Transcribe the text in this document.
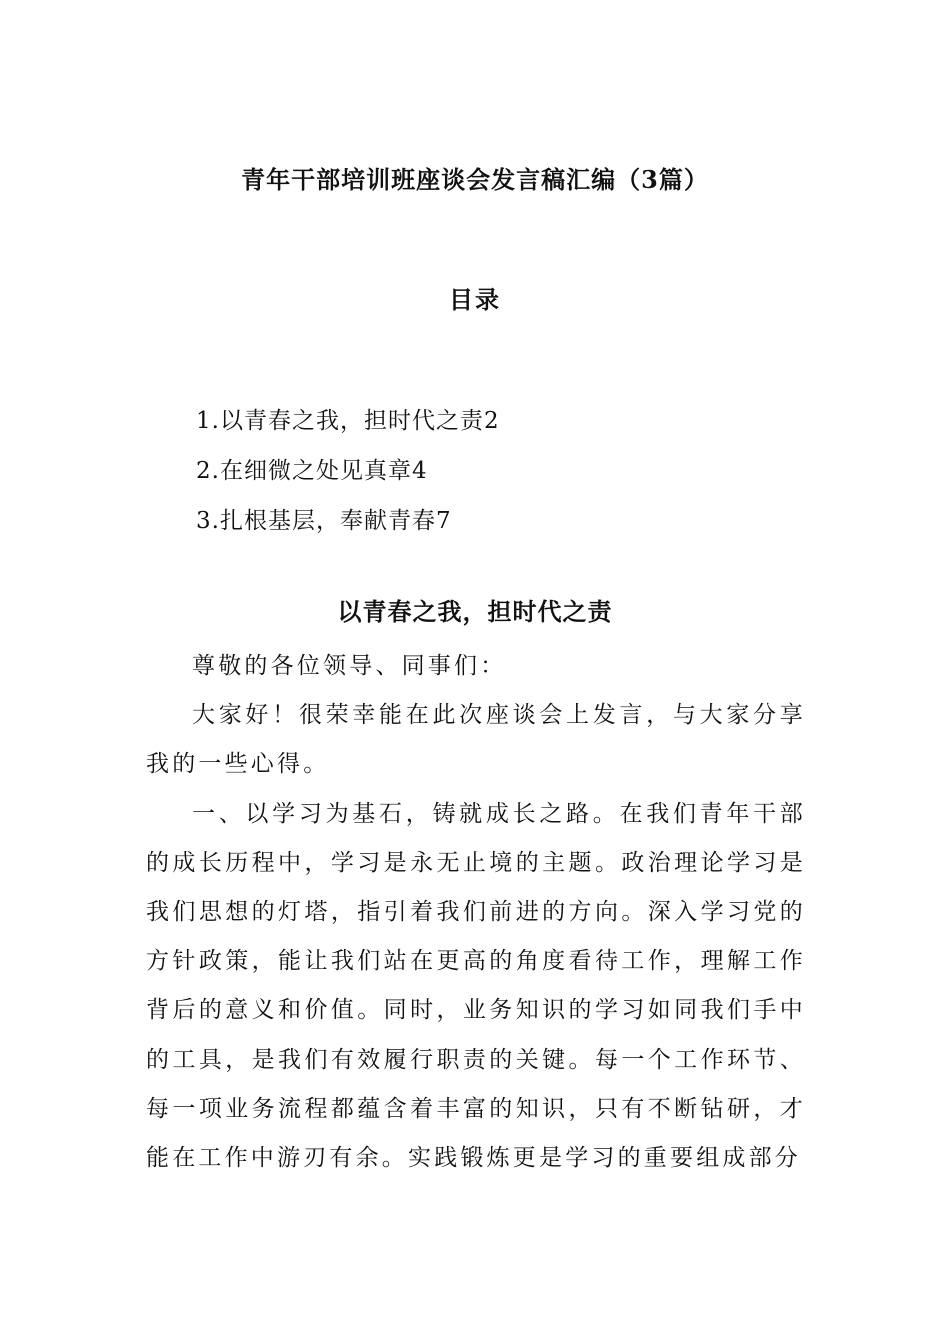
青年干部培训班座谈会发言稿汇编（3篇）
目录
1.以青春之我，担时代之责2
2.在细微之处见真章4
3.扎根基层，奉献青春7
以青春之我，担时代之责

尊敬的各位领导、同事们：

大家好！很荣幸能在此次座谈会上发言，与大家分享我的一些心得。

一、以学习为基石，铸就成长之路。在我们青年干部的成长历程中，学习是永无止境的主题。政治理论学习是我们思想的灯塔，指引着我们前进的方向。深入学习党的方针政策，能让我们站在更高的角度看待工作，理解工作背后的意义和价值。同时，业务知识的学习如同我们手中的工具，是我们有效履行职责的关键。每一个工作环节、每一项业务流程都蕴含着丰富的知识，只有不断钻研，才能在工作中游刃有余。实践锻炼更是学习的重要组成部分
